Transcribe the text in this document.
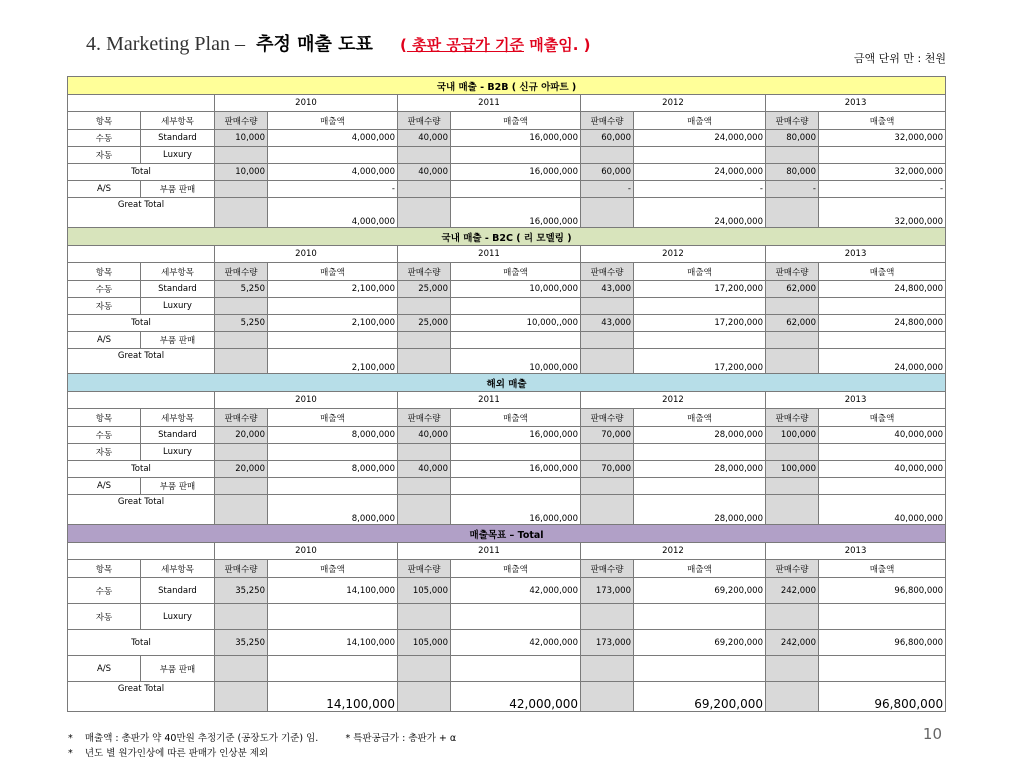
4. Marketing Plan – 추정 매출 도표 ( 총판 공급가 기준 매출임. )
금액 단위 만 : 천원
국내 매출 - B2B ( 신규 아파트 )									
		2010		2011		2012		2013	
항목	세부항목	판매수량	매출액	판매수량	매출액	판매수량	매출액	판매수량	매출액
수동	Standard	10,000	4,000,000	40,000	16,000,000	60,000	24,000,000	80,000	32,000,000
자동	Luxury								
Total		10,000	4,000,000	40,000	16,000,000	60,000	24,000,000	80,000	32,000,000
A/S	부품 판매		-			-	-	-	-
Great Total			4,000,000		16,000,000		24,000,000		32,000,000
국내 매출 - B2C ( 리 모델링 )									
		2010		2011		2012		2013	
항목	세부항목	판매수량	매출액	판매수량	매출액	판매수량	매출액	판매수량	매출액
수동	Standard	5,250	2,100,000	25,000	10,000,000	43,000	17,200,000	62,000	24,800,000
자동	Luxury								
Total		5,250	2,100,000	25,000	10,000,,000	43,000	17,200,000	62,000	24,800,000
A/S	부품 판매								
Great Total			2,100,000		10,000,000		17,200,000		24,000,000
해외 매출									
		2010		2011		2012		2013	
항목	세부항목	판매수량	매출액	판매수량	매출액	판매수량	매출액	판매수량	매출액
수동	Standard	20,000	8,000,000	40,000	16,000,000	70,000	28,000,000	100,000	40,000,000
자동	Luxury								
Total		20,000	8,000,000	40,000	16,000,000	70,000	28,000,000	100,000	40,000,000
A/S	부품 판매								
Great Total			8,000,000		16,000,000		28,000,000		40,000,000
매출목표 – Total									
		2010		2011		2012		2013	
항목	세부항목	판매수량	매출액	판매수량	매출액	판매수량	매출액	판매수량	매출액
수동	Standard	35,250	14,100,000	105,000	42,000,000	173,000	69,200,000	242,000	96,800,000
자동	Luxury								
Total		35,250	14,100,000	105,000	42,000,000	173,000	69,200,000	242,000	96,800,000
A/S	부품 판매								
Great Total			14,100,000		42,000,000		69,200,000		96,800,000
* 매출액 : 총판가 약 40만원 추정기준 (공장도가 기준) 임.	* 특판공급가 : 총판가 + α
* 년도 별 원가인상에 따른 판매가 인상분 제외
10
